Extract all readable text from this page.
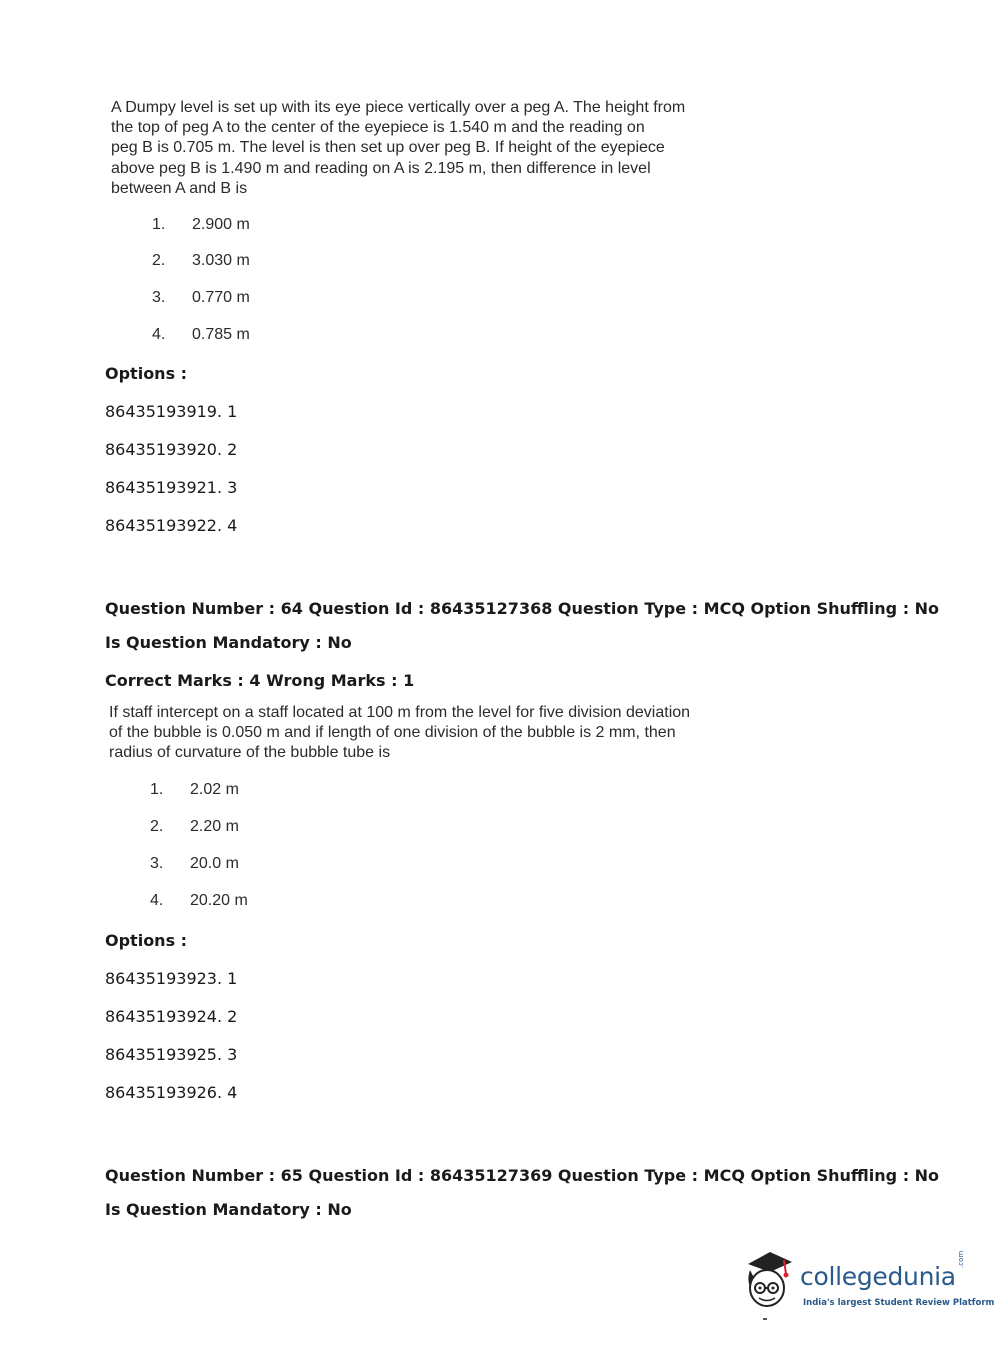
A Dumpy level is set up with its eye piece vertically over a peg A. The height from
the top of peg A to the center of the eyepiece is 1.540 m and the reading on
peg B is 0.705 m. The level is then set up over peg B. If height of the eyepiece
above peg B is 1.490 m and reading on A is 2.195 m, then difference in level
between A and B is
1. 2.900 m
2. 3.030 m
3. 0.770 m
4. 0.785 m
Options :
86435193919. 1
86435193920. 2
86435193921. 3
86435193922. 4
Question Number : 64 Question Id : 86435127368 Question Type : MCQ Option Shuffling : No
Is Question Mandatory : No
Correct Marks : 4 Wrong Marks : 1
If staff intercept on a staff located at 100 m from the level for five division deviation
of the bubble is 0.050 m and if length of one division of the bubble is 2 mm, then
radius of curvature of the bubble tube is
1. 2.02 m
2. 2.20 m
3. 20.0 m
4. 20.20 m
Options :
86435193923. 1
86435193924. 2
86435193925. 3
86435193926. 4
Question Number : 65 Question Id : 86435127369 Question Type : MCQ Option Shuffling : No
Is Question Mandatory : No
collegedunia
.com
India's largest Student Review Platform
